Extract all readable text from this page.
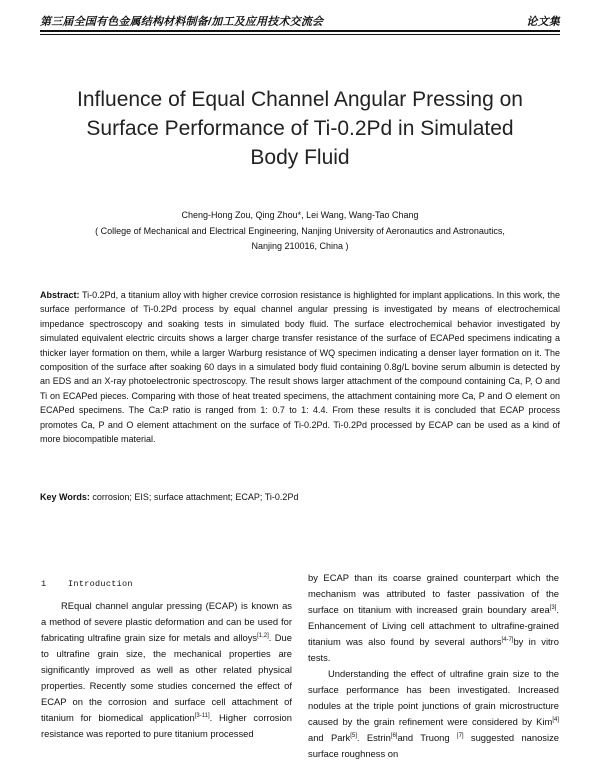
第三届全国有色金属结构材料制备/加工及应用技术交流会	论文集
Influence of Equal Channel Angular Pressing on
Surface Performance of Ti-0.2Pd in Simulated
Body Fluid

Cheng-Hong Zou, Qing Zhou*, Lei Wang, Wang-Tao Chang

( College of Mechanical and Electrical Engineering, Nanjing University of Aeronautics and Astronautics,
Nanjing 210016, China )

Abstract: Ti-0.2Pd, a titanium alloy with higher crevice corrosion resistance is highlighted for implant applications. In this work, the surface performance of Ti-0.2Pd process by equal channel angular pressing is investigated by means of electrochemical impedance spectroscopy and soaking tests in simulated body fluid. The surface electrochemical behavior investigated by simulated equivalent electric circuits shows a larger charge transfer resistance of the surface of ECAPed specimens indicating a thicker layer formation on them, while a larger Warburg resistance of WQ specimen indicating a denser layer formation on it. The composition of the surface after soaking 60 days in a simulated body fluid containing 0.8g/L bovine serum albumin is detected by an EDS and an X-ray photoelectronic spectroscopy. The result shows larger attachment of the compound containing Ca, P, O and Ti on ECAPed pieces. Comparing with those of heat treated specimens, the attachment containing more Ca, P and O element on ECAPed specimens. The Ca:P ratio is ranged from 1: 0.7 to 1: 4.4. From these results it is concluded that ECAP process promotes Ca, P and O element attachment on the surface of Ti-0.2Pd. Ti-0.2Pd processed by ECAP can be used as a kind of more biocompatible material.

Key Words: corrosion; EIS; surface attachment; ECAP; Ti-0.2Pd

1	Introduction

REqual channel angular pressing (ECAP) is known as a method of severe plastic deformation and can be used for fabricating ultrafine grain size for metals and alloys[1,2]. Due to ultrafine grain size, the mechanical properties are significantly improved as well as other related physical properties. Recently some studies concerned the effect of ECAP on the corrosion and surface cell attachment of titanium for biomedical application[3-11]. Higher corrosion resistance was reported to pure titanium processed

by ECAP than its coarse grained counterpart which the mechanism was attributed to faster passivation of the surface on titanium with increased grain boundary area[3]. Enhancement of Living cell attachment to ultrafine-grained titanium was also found by several authors[4-7]by in vitro tests.

Understanding the effect of ultrafine grain size to the surface performance has been investigated. Increased nodules at the triple point junctions of grain microstructure caused by the grain refinement were considered by Kim[4] and Park[5]. Estrin[6]and Truong [7] suggested nanosize surface roughness on
